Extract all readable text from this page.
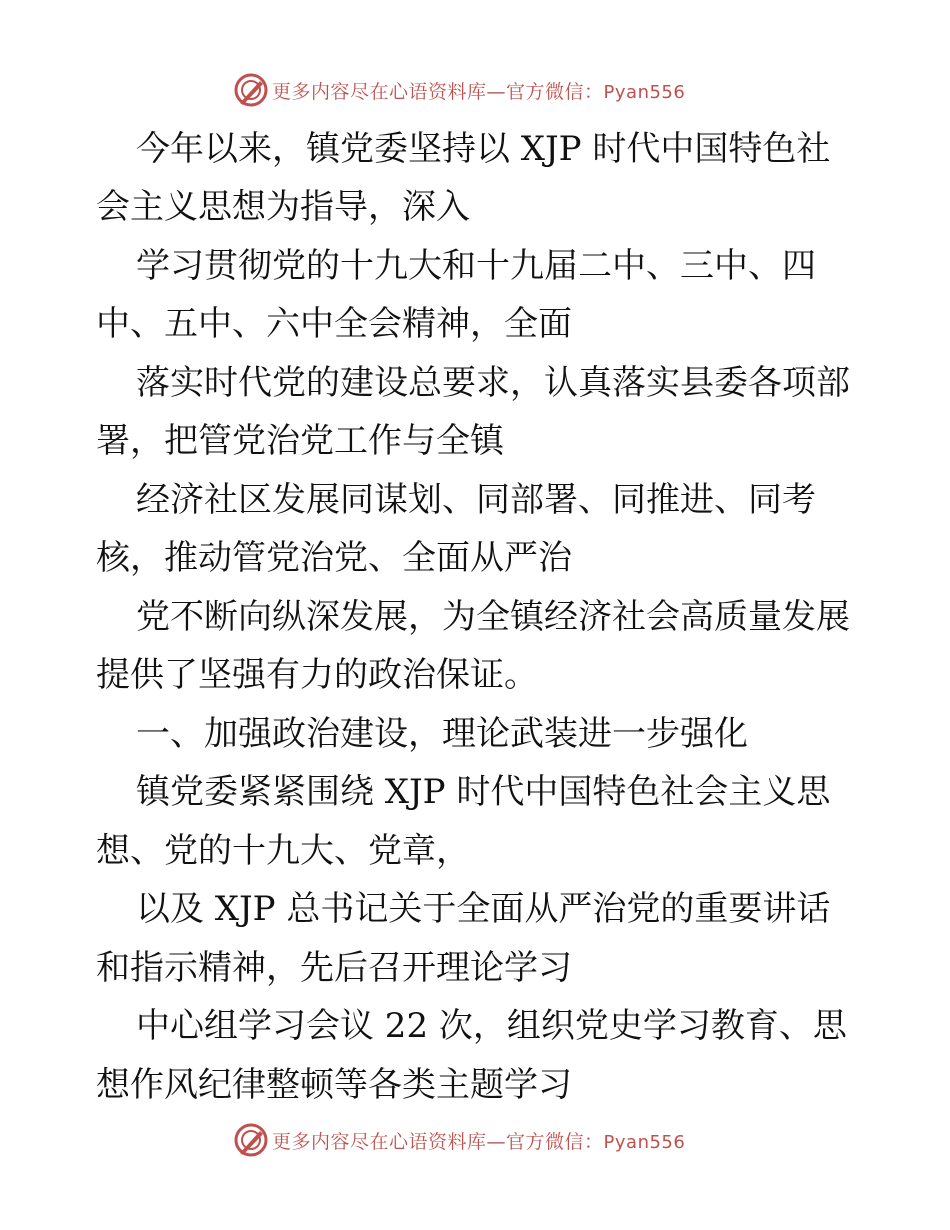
更多内容尽在心语资料库—官方微信：Pyan556
今年以来，镇党委坚持以 XJP 时代中国特色社
会主义思想为指导，深入
学习贯彻党的十九大和十九届二中、三中、四
中、五中、六中全会精神，全面
落实时代党的建设总要求，认真落实县委各项部
署，把管党治党工作与全镇
经济社区发展同谋划、同部署、同推进、同考
核，推动管党治党、全面从严治
党不断向纵深发展，为全镇经济社会高质量发展
提供了坚强有力的政治保证。
一、加强政治建设，理论武装进一步强化
镇党委紧紧围绕 XJP 时代中国特色社会主义思
想、党的十九大、党章，
以及 XJP 总书记关于全面从严治党的重要讲话
和指示精神，先后召开理论学习
中心组学习会议 22 次，组织党史学习教育、思
想作风纪律整顿等各类主题学习
更多内容尽在心语资料库—官方微信：Pyan556
